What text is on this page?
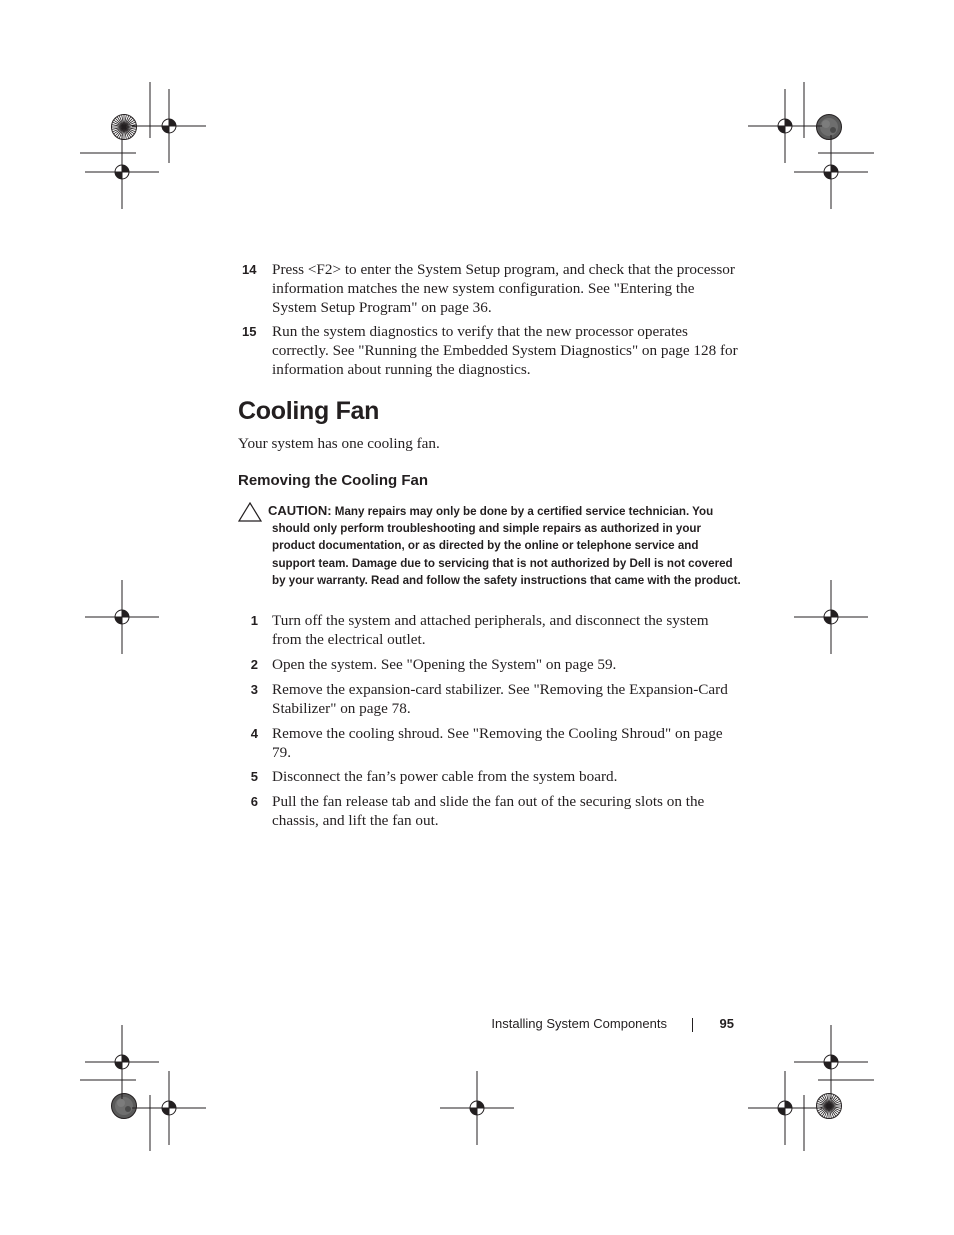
14	Press <F2> to enter the System Setup program, and check that the processor information matches the new system configuration. See "Entering the System Setup Program" on page 36.
15	Run the system diagnostics to verify that the new processor operates correctly. See "Running the Embedded System Diagnostics" on page 128 for information about running the diagnostics.
Cooling Fan
Your system has one cooling fan.
Removing the Cooling Fan
CAUTION: Many repairs may only be done by a certified service technician. You should only perform troubleshooting and simple repairs as authorized in your product documentation, or as directed by the online or telephone service and support team. Damage due to servicing that is not authorized by Dell is not covered by your warranty. Read and follow the safety instructions that came with the product.
1 Turn off the system and attached peripherals, and disconnect the system from the electrical outlet.
2 Open the system. See "Opening the System" on page 59.
3 Remove the expansion-card stabilizer. See "Removing the Expansion-Card Stabilizer" on page 78.
4 Remove the cooling shroud. See "Removing the Cooling Shroud" on page 79.
5 Disconnect the fan’s power cable from the system board.
6 Pull the fan release tab and slide the fan out of the securing slots on the chassis, and lift the fan out.
Installing System Components	95
